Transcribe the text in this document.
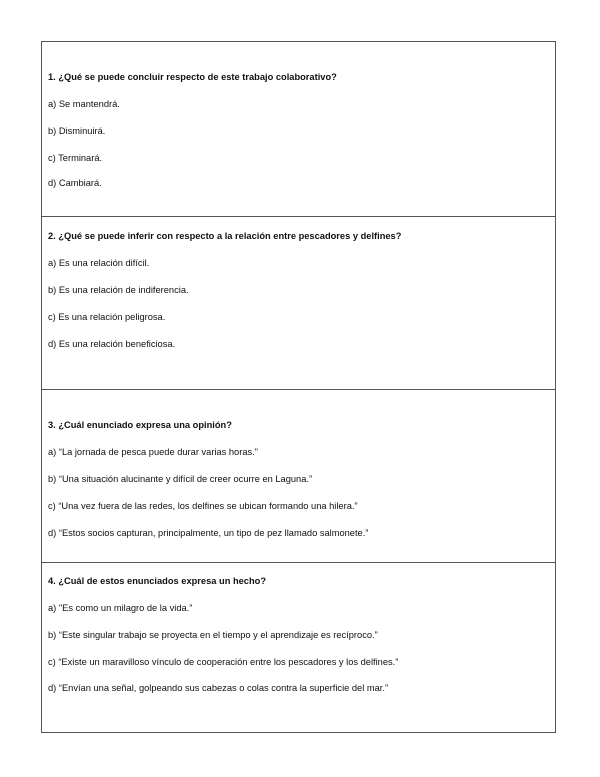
1. ¿Qué se puede concluir respecto de este trabajo colaborativo?
a) Se mantendrá.
b) Disminuirá.
c) Terminará.
d) Cambiará.
2. ¿Qué se puede inferir con respecto a la relación entre pescadores y delfines?
a) Es una relación difícil.
b) Es una relación de indiferencia.
c) Es una relación peligrosa.
d) Es una relación beneficiosa.
3. ¿Cuál enunciado expresa una opinión?
a) “La jornada de pesca puede durar varias horas.”
b) “Una situación alucinante y difícil de creer ocurre en Laguna.”
c) “Una vez fuera de las redes, los delfines se ubican formando una hilera.”
d) “Estos socios capturan, principalmente, un tipo de pez llamado salmonete.”
4. ¿Cuál de estos enunciados expresa un hecho?
a) "Es como un milagro de la vida.”
b) “Este singular trabajo se proyecta en el tiempo y el aprendizaje es recíproco.”
c) “Existe un maravilloso vínculo de cooperación entre los pescadores y los delfines.”
d) “Envían una señal, golpeando sus cabezas o colas contra la superficie del mar.”
